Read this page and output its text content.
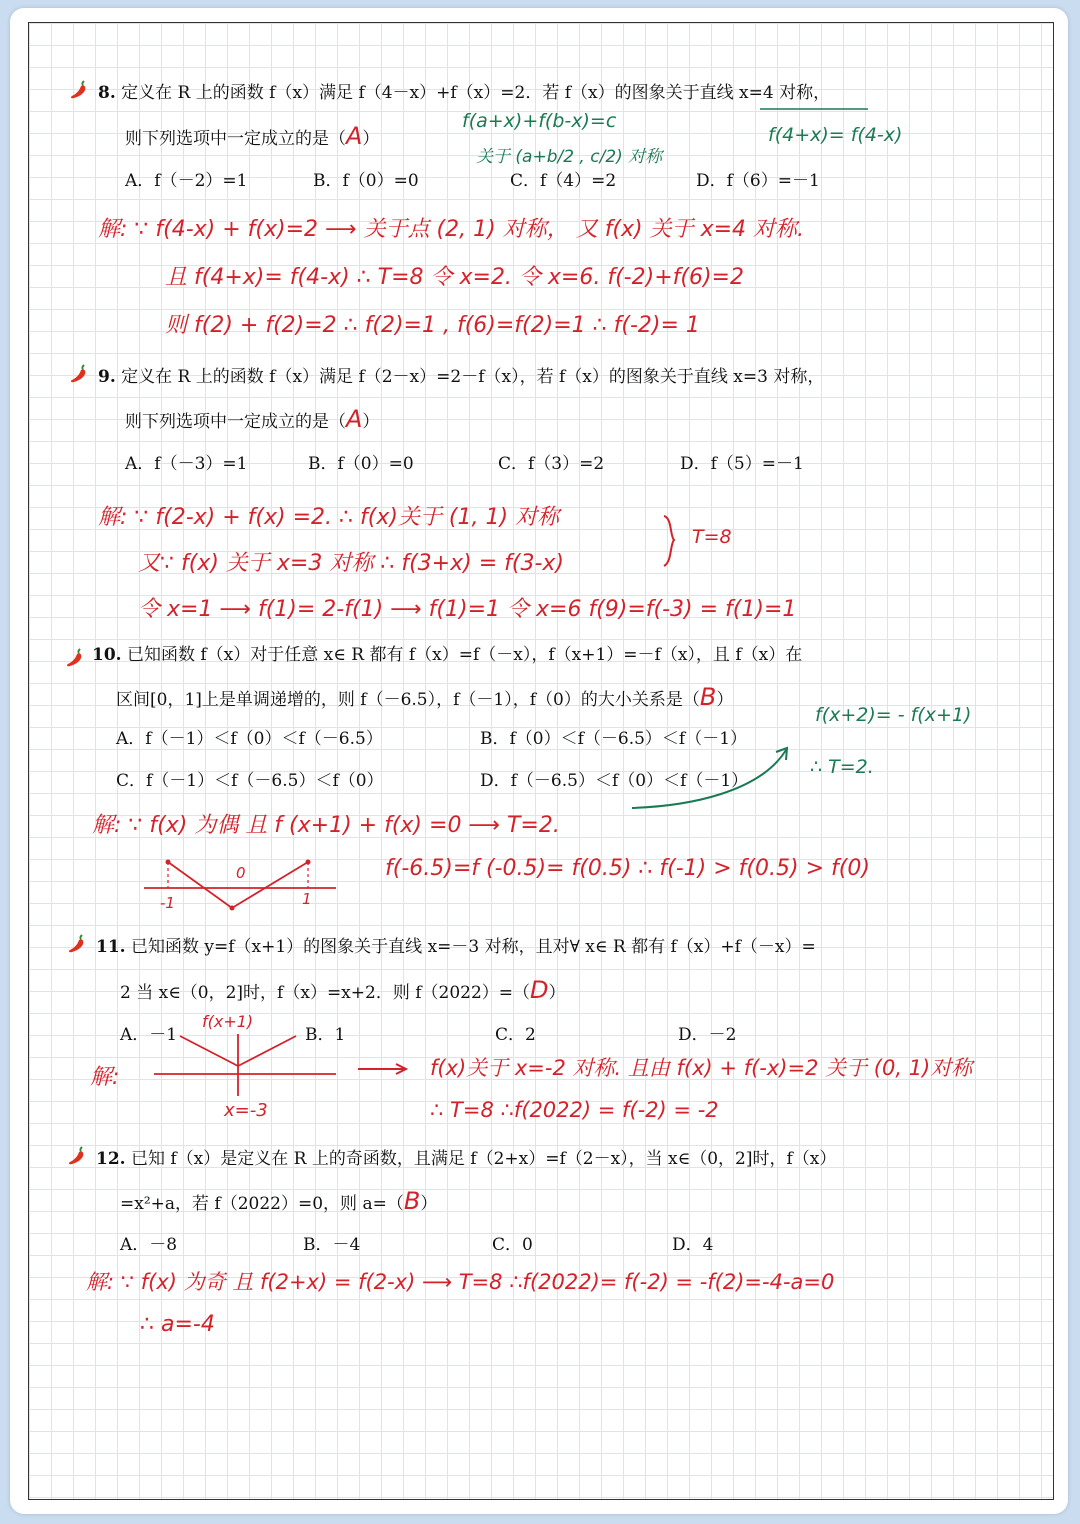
8. 定义在 R 上的函数 f（x）满足 f（4－x）+f（x）=2．若 f（x）的图象关于直线 x=4 对称，
则下列选项中一定成立的是（A）
A．f（－2）=1	B．f（0）=0	C．f（4）=2	D．f（6）=－1
f(a+x)+f(b-x)=c
关于 (a+b/2 , c/2) 对称
f(4+x)= f(4-x)
解: ∵ f(4-x) + f(x)=2 ⟶ 关于点 (2, 1) 对称， 又 f(x) 关于 x=4 对称.
且 f(4+x)= f(4-x) ∴ T=8 令 x=2. 令 x=6. f(-2)+f(6)=2
则 f(2) + f(2)=2 ∴ f(2)=1 , f(6)=f(2)=1 ∴ f(-2)= 1
9. 定义在 R 上的函数 f（x）满足 f（2－x）=2－f（x），若 f（x）的图象关于直线 x=3 对称，
则下列选项中一定成立的是（A）
A．f（－3）=1	B．f（0）=0	C．f（3）=2	D．f（5）=－1
解: ∵ f(2-x) + f(x) =2. ∴ f(x)关于 (1, 1) 对称
又∵ f(x) 关于 x=3 对称 ∴ f(3+x) = f(3-x)
令 x=1 ⟶ f(1)= 2-f(1) ⟶ f(1)=1 令 x=6 f(9)=f(-3) = f(1)=1
T=8
10. 已知函数 f（x）对于任意 x∈ R 都有 f（x）=f（－x），f（x+1）=－f（x），且 f（x）在
区间[0，1]上是单调递增的，则 f（－6.5），f（－1），f（0）的大小关系是（B）
A．f（－1）＜f（0）＜f（－6.5）	B．f（0）＜f（－6.5）＜f（－1）
C．f（－1）＜f（－6.5）＜f（0）	D．f（－6.5）＜f（0）＜f（－1）
f(x+2)= - f(x+1)
∴ T=2.
解: ∵ f(x) 为偶 且 f (x+1) + f(x) =0 ⟶ T=2.
f(-6.5)=f (-0.5)= f(0.5) ∴ f(-1) > f(0.5) > f(0)
-1
0
1
11. 已知函数 y=f（x+1）的图象关于直线 x=－3 对称，且对∀ x∈ R 都有 f（x）+f（－x）=
2 当 x∈（0，2]时，f（x）=x+2．则 f（2022）=（D）
A．－1	B．1	C．2	D．－2
解:
f(x+1)
x=-3
f(x)关于 x=-2 对称. 且由 f(x) + f(-x)=2 关于 (0, 1)对称
∴ T=8 ∴f(2022) = f(-2) = -2
12. 已知 f（x）是定义在 R 上的奇函数，且满足 f（2+x）=f（2－x），当 x∈（0，2]时，f（x）
=x²+a，若 f（2022）=0，则 a=（B）
A．－8	B．－4	C．0	D．4
解: ∵ f(x) 为奇 且 f(2+x) = f(2-x) ⟶ T=8 ∴f(2022)= f(-2) = -f(2)=-4-a=0
∴ a=-4
